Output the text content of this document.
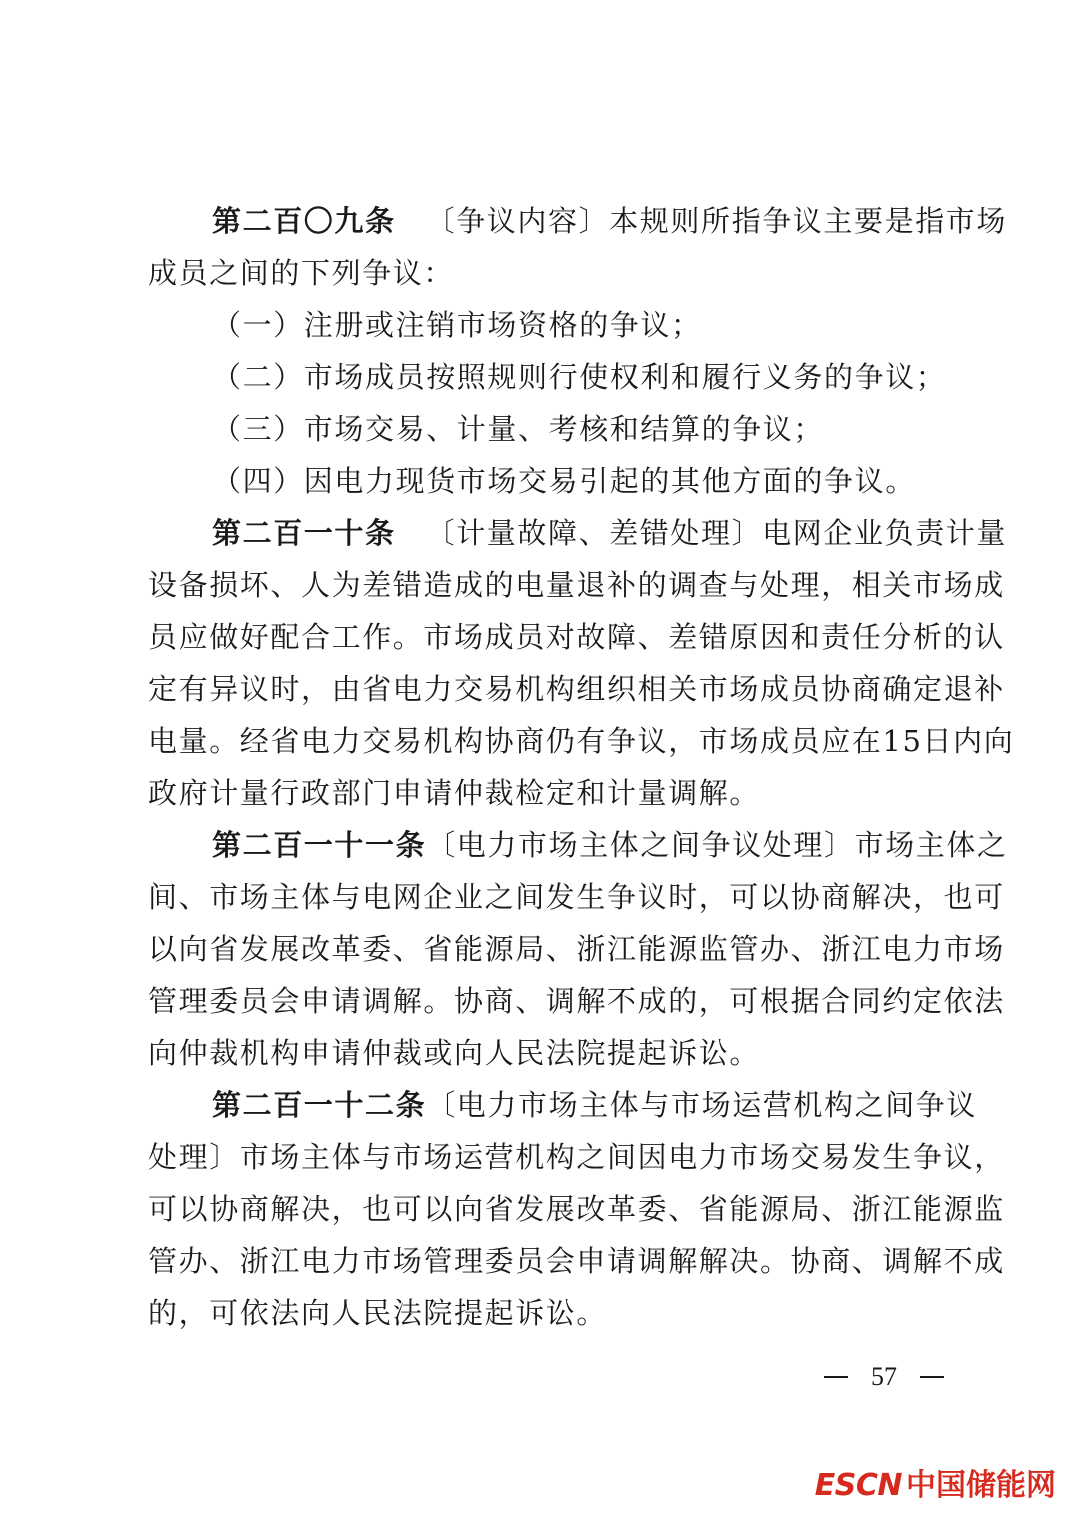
第二百〇九条 〔争议内容〕本规则所指争议主要是指市场
成员之间的下列争议：
（一）注册或注销市场资格的争议；
（二）市场成员按照规则行使权利和履行义务的争议；
（三）市场交易、计量、考核和结算的争议；
（四）因电力现货市场交易引起的其他方面的争议。
第二百一十条 〔计量故障、差错处理〕电网企业负责计量
设备损坏、人为差错造成的电量退补的调查与处理，相关市场成
员应做好配合工作。市场成员对故障、差错原因和责任分析的认
定有异议时，由省电力交易机构组织相关市场成员协商确定退补
电量。经省电力交易机构协商仍有争议，市场成员应在15日内向
政府计量行政部门申请仲裁检定和计量调解。
第二百一十一条〔电力市场主体之间争议处理〕市场主体之
间、市场主体与电网企业之间发生争议时，可以协商解决，也可
以向省发展改革委、省能源局、浙江能源监管办、浙江电力市场
管理委员会申请调解。协商、调解不成的，可根据合同约定依法
向仲裁机构申请仲裁或向人民法院提起诉讼。
第二百一十二条〔电力市场主体与市场运营机构之间争议
处理〕市场主体与市场运营机构之间因电力市场交易发生争议，
可以协商解决，也可以向省发展改革委、省能源局、浙江能源监
管办、浙江电力市场管理委员会申请调解解决。协商、调解不成
的，可依法向人民法院提起诉讼。
57
ESCN 中国储能网
